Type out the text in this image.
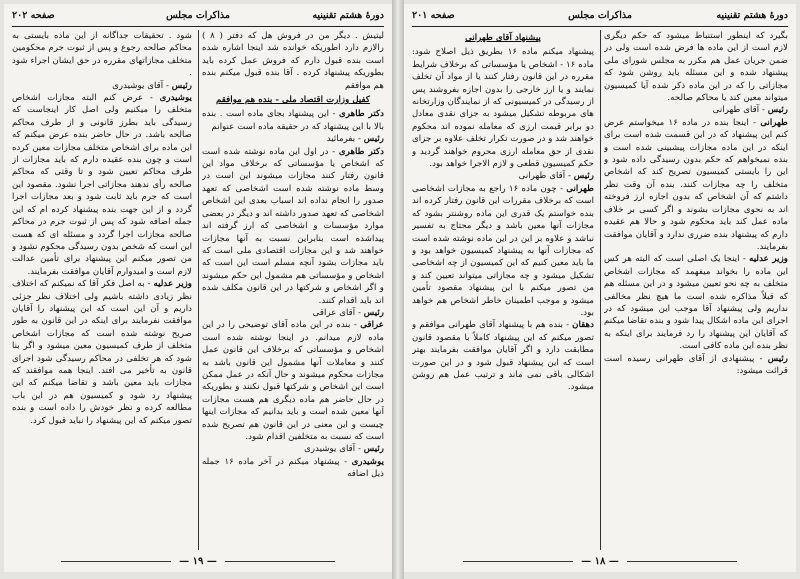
دورهٔ هشتم تقنینیه
مذاکرات مجلس
صفحه ۲۰۲

لیتیش . دیگر من در فروش هل که دفتر ( ۸ ) رالازم دارد اطوریکه خوانده شد اینجا اشاره شده است بنده قبول دارم که فروش عمل کرده باید بطوریکه پیشنهاد کرده . آقا بنده قبول میکنم بنده هم موافقم

کفیل وزارت اقتصاد ملی - بنده هم موافقم

دکتر طاهری - این پیشنهاد بجای ماده است . بنده بالا با این پیشنهاد که در حقیقه ماده است عنوانم

رئیس - بفرمائید

دکتر طاهری - در اول این ماده نوشته شده است که اشخاص یا مؤسساتی که برخلاف مواد این قانون رفتار کنند مجازات میشوند این است در وسط ماده نوشته شده است اشخاصی که تعهد صدور را انجام نداده اند اسباب بعدی این اشخاص اشخاصی که تعهد صدور داشته اند و دیگر در بعضی موارد مؤسسات و اشخاصی که ارز گرفته اند پیداشده است بنابراین نسبت به آنها مجازات خواهند شد و این مجازات اقتصادی ملی است که باید مجازات بشود آنچه مسلم است این است که اشخاص و مؤسساتی هم مشمول این حکم میشوند و اگر اشخاص و شرکتها در این قانون مکلف شده اند باید اقدام کنند.

رئیس - آقای عراقی

عراقی - بنده در این ماده آقای توضیحی را در این ماده لازم میدانم. در اینجا نوشته شده است اشخاص و مؤسساتی که برخلاف این قانون عمل کنند و معاملات آنها مشمول این قانون باشد به مجازات محکوم میشوند و حال آنکه در عمل ممکن است این اشخاص و شرکتها قبول نکنند و بطوریکه در حال حاضر هم ماده دیگری هم هست مجازات آنها معین شده است و باید بدانیم که مجازات اینها چیست و این معنی در این قانون هم تصریح شده است که نسبت به متخلفین اقدام شود.

رئیس - آقای یوشیدری

یوشیدری - پیشنهاد میکنم در آخر ماده ۱۶ جمله ذیل اضافه

شود . تحقیقات جداگانه از این ماده بایستی به محاکم صالحه رجوع و پس از ثبوت جرم محکومین متخلف مجازاتهای مقرره در حق ایشان اجراء شود .

رئیس - آقای یوشیدری

یوشیدری - عرض کنم البته مجازات اشخاص متخلف را میکنیم ولی اصل کار اینجاست که رسیدگی باید بطرز قانونی و از طرف محاکم صالحه باشد. در حال حاضر بنده عرض میکنم که این ماده برای اشخاص متخلف مجازات معین کرده است و چون بنده عقیده دارم که باید مجازات از طرف محاکم تعیین شود و تا وقتی که محاکم صالحه رأی ندهند مجازاتی اجرا نشود. مقصود این است که جرم باید ثابت شود و بعد مجازات اجرا گردد و از این جهت بنده پیشنهاد کرده ام که این جمله اضافه شود که پس از ثبوت جرم در محاکم صالحه مجازات اجرا گردد و مسئله ای که هست این است که شخص بدون رسیدگی محکوم نشود و من تصور میکنم این پیشنهاد برای تأمین عدالت لازم است و امیدوارم آقایان موافقت بفرمایند.

وزیر عدلیه - به اصل فکر آقا که نمیکنم که اختلاف نظر زیادی داشته باشیم ولی اختلاف نظر جزئی داریم و آن این است که این پیشنهاد را آقایان موافقت نفرمایند برای اینکه در این قانون به طور صریح نوشته شده است که مجازات اشخاص متخلف از طرف کمیسیون معین میشود و اگر بنا شود که هر تخلفی در محاکم رسیدگی شود اجرای قانون به تأخیر می افتد. اینجا همه موافقند که مجازات باید معین باشد و تقاضا میکنم که این پیشنهاد رد شود و کمیسیون هم در این باب مطالعه کرده و نظر خودش را داده است و بنده تصور میکنم که این پیشنهاد را نباید قبول کرد.

— ۱۹ —
دورهٔ هشتم تقنینیه
مذاکرات مجلس
صفحه ۲۰۱

بگیرد که اینطور استنباط میشود که حکم دیگری لازم است از این ماده ها فرض شده است ولی در ضمن جریان عمل هم مکرر به مجلس شورای ملی پیشنهاد شده و این مسئله باید روشن شود که مجازاتی را که در این ماده ذکر شده آیا کمیسیون میتواند معین کند یا محاکم صالحه.

رئیس - آقای طهرانی

طهرانی - اینجا بنده در ماده ۱۶ میخواستم عرض کنم این پیشنهاد که در این قسمت شده است برای اینکه در این ماده مجازات پیشبینی شده است و بنده نمیخواهم که حکم بدون رسیدگی داده شود و این را بایستی کمیسیون تصریح کند که اشخاص متخلف را چه مجازات کنند. بنده آن وقت نظر داشتم که آن اشخاص که بدون اجازه ارز فروخته اند به نحوی مجازات بشوند و اگر کسی بر خلاف ماده عمل کند باید محکوم شود و حالا هم عقیده دارم که پیشنهاد بنده ضرری ندارد و آقایان موافقت بفرمایند.

وزیر عدلیه - اینجا یک اصلی است که البته هر کس این ماده را بخواند میفهمد که مجازات اشخاص متخلف به چه نحو تعیین میشود و در این مسئله هم که قبلاً مذاکره شده است ما هیچ نظر مخالفی نداریم ولی پیشنهاد آقا موجب این میشود که در اجرای این ماده اشکال پیدا شود و بنده تقاضا میکنم که آقایان این پیشنهاد را رد فرمایند برای اینکه به نظر بنده این ماده کافی است.

رئیس - پیشنهادی از آقای طهرانی رسیده است قرائت میشود:

پیشنهاد آقای طهرانی

پیشنهاد میکنم ماده ۱۶ بطریق ذیل اصلاح شود: ماده ۱۶ - اشخاص یا مؤسساتی که برخلاف شرایط مقرره در این قانون رفتار کنند یا از مواد آن تخلف نمایند و یا ارز خارجی را بدون اجازه بفروشند پس از رسیدگی در کمیسیونی که از نمایندگان وزارتخانه های مربوطه تشکیل میشود به جزای نقدی معادل دو برابر قیمت ارزی که معامله نموده اند محکوم خواهند شد و در صورت تکرار تخلف علاوه بر جزای نقدی از حق معامله ارزی محروم خواهند گردید و حکم کمیسیون قطعی و لازم الاجرا خواهد بود.

رئیس - آقای طهرانی

طهرانی - چون ماده ۱۶ راجع به مجازات اشخاصی است که برخلاف مقررات این قانون رفتار کرده اند بنده خواستم یک قدری این ماده روشنتر بشود که مجازات آنها معین باشد و دیگر محتاج به تفسیر نباشد و علاوه بر این در این ماده نوشته شده است که مجازات آنها به پیشنهاد کمیسیون خواهد بود و ما باید معین کنیم که این کمیسیون از چه اشخاصی تشکیل میشود و چه مجازاتی میتواند تعیین کند و من تصور میکنم با این پیشنهاد مقصود تأمین میشود و موجب اطمینان خاطر اشخاص هم خواهد بود.

دهقان - بنده هم با پیشنهاد آقای طهرانی موافقم و تصور میکنم که این پیشنهاد کاملاً با مقصود قانون مطابقت دارد و اگر آقایان موافقت بفرمایند بهتر است که این پیشنهاد قبول شود و در این صورت اشکالی باقی نمی ماند و ترتیب عمل هم روشن میشود.

— ۱۸ —
